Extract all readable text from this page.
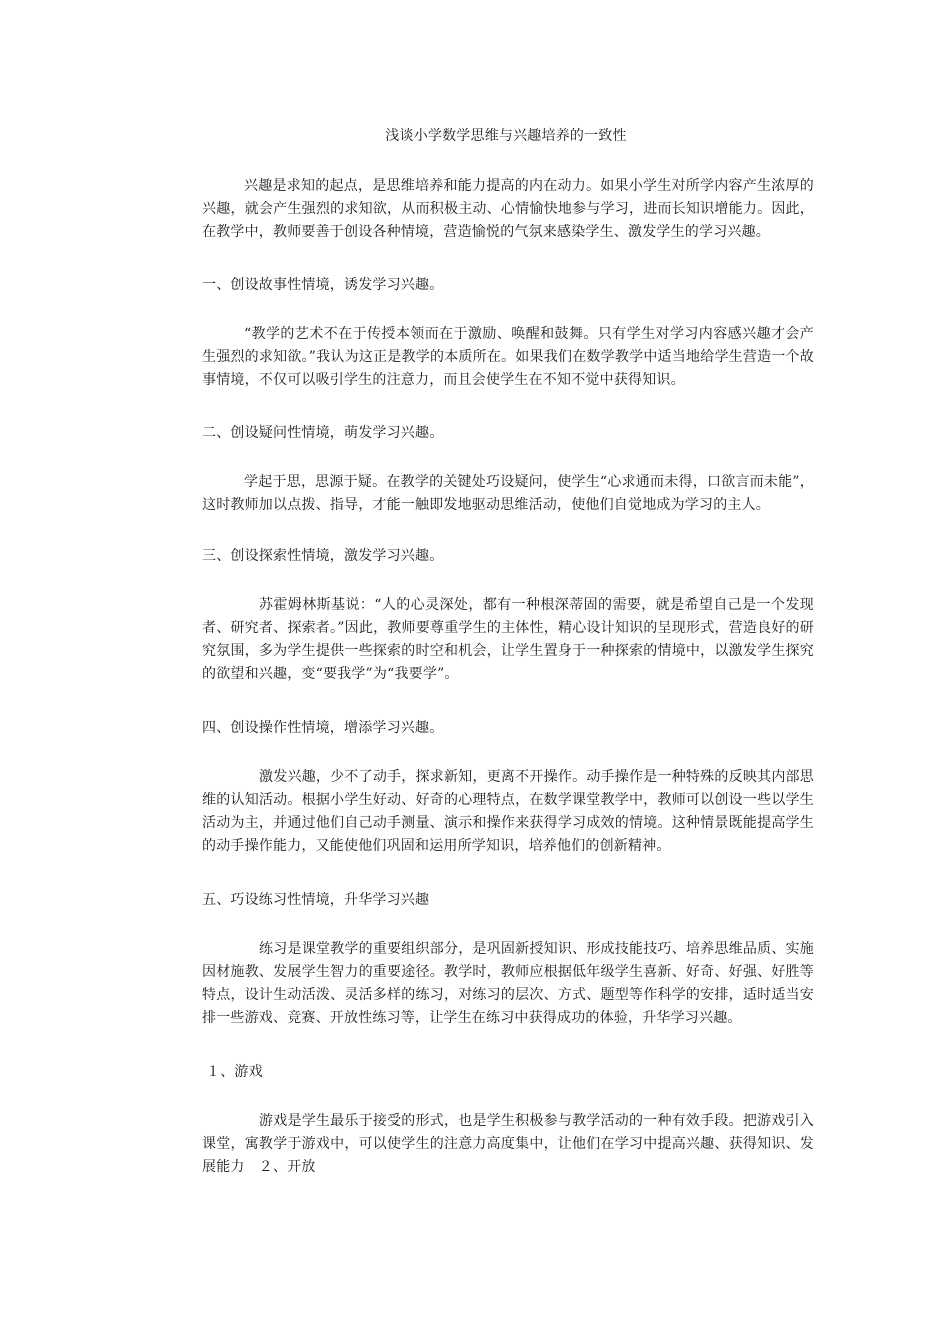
浅谈小学数学思维与兴趣培养的一致性
兴趣是求知的起点，是思维培养和能力提高的内在动力。如果小学生对所学内容产生浓厚的兴趣，就会产生强烈的求知欲，从而积极主动、心情愉快地参与学习，进而长知识增能力。因此，在教学中，教师要善于创设各种情境，营造愉悦的气氛来感染学生、激发学生的学习兴趣。
一、创设故事性情境，诱发学习兴趣。
“教学的艺术不在于传授本领而在于激励、唤醒和鼓舞。只有学生对学习内容感兴趣才会产生强烈的求知欲。”我认为这正是教学的本质所在。如果我们在数学教学中适当地给学生营造一个故事情境，不仅可以吸引学生的注意力，而且会使学生在不知不觉中获得知识。
二、创设疑问性情境，萌发学习兴趣。
学起于思，思源于疑。在教学的关键处巧设疑问，使学生“心求通而未得，口欲言而未能”，这时教师加以点拨、指导，才能一触即发地驱动思维活动，使他们自觉地成为学习的主人。
三、创设探索性情境，激发学习兴趣。
苏霍姆林斯基说：“人的心灵深处，都有一种根深蒂固的需要，就是希望自己是一个发现者、研究者、探索者。”因此，教师要尊重学生的主体性，精心设计知识的呈现形式，营造良好的研究氛围，多为学生提供一些探索的时空和机会，让学生置身于一种探索的情境中，以激发学生探究的欲望和兴趣，变“要我学”为“我要学”。
四、创设操作性情境，增添学习兴趣。
激发兴趣，少不了动手，探求新知，更离不开操作。动手操作是一种特殊的反映其内部思维的认知活动。根据小学生好动、好奇的心理特点，在数学课堂教学中，教师可以创设一些以学生活动为主，并通过他们自己动手测量、演示和操作来获得学习成效的情境。这种情景既能提高学生的动手操作能力，又能使他们巩固和运用所学知识，培养他们的创新精神。
五、巧设练习性情境，升华学习兴趣
练习是课堂教学的重要组织部分，是巩固新授知识、形成技能技巧、培养思维品质、实施因材施教、发展学生智力的重要途径。教学时，教师应根据低年级学生喜新、好奇、好强、好胜等特点，设计生动活泼、灵活多样的练习，对练习的层次、方式、题型等作科学的安排，适时适当安排一些游戏、竞赛、开放性练习等，让学生在练习中获得成功的体验，升华学习兴趣。
１、游戏
游戏是学生最乐于接受的形式，也是学生积极参与教学活动的一种有效手段。把游戏引入课堂，寓教学于游戏中，可以使学生的注意力高度集中，让他们在学习中提高兴趣、获得知识、发展能力　２、开放
